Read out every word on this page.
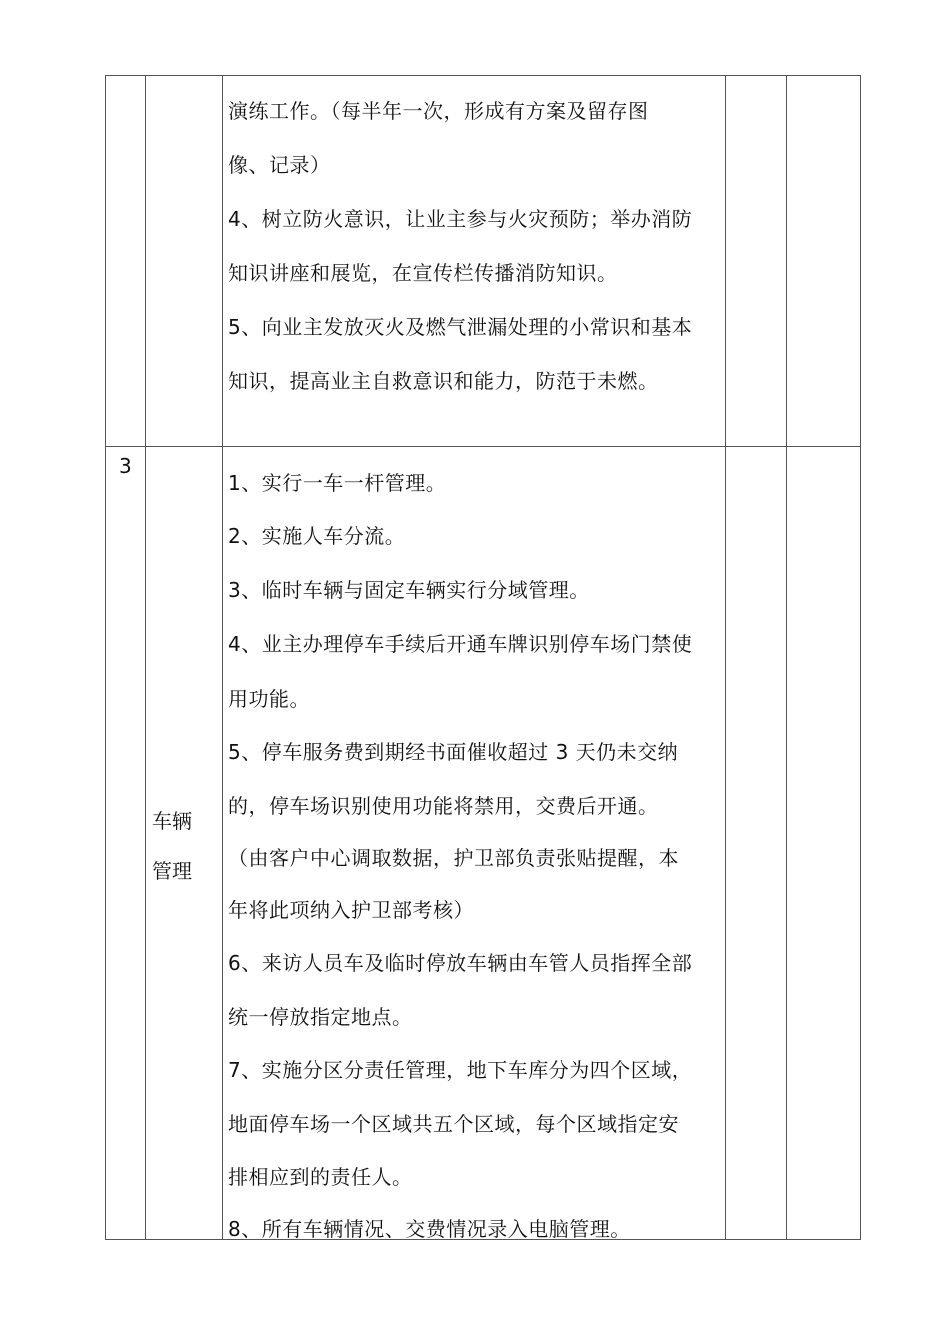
演练工作。（每半年一次，形成有方案及留存图
像、记录）
4、树立防火意识，让业主参与火灾预防；举办消防
知识讲座和展览，在宣传栏传播消防知识。
5、向业主发放灭火及燃气泄漏处理的小常识和基本
知识，提高业主自救意识和能力，防范于未燃。
3
车辆
管理
1、实行一车一杆管理。
2、实施人车分流。
3、临时车辆与固定车辆实行分域管理。
4、业主办理停车手续后开通车牌识别停车场门禁使
用功能。
5、停车服务费到期经书面催收超过 3 天仍未交纳
的，停车场识别使用功能将禁用，交费后开通。
（由客户中心调取数据，护卫部负责张贴提醒，本
年将此项纳入护卫部考核）
6、来访人员车及临时停放车辆由车管人员指挥全部
统一停放指定地点。
7、实施分区分责任管理，地下车库分为四个区域，
地面停车场一个区域共五个区域，每个区域指定安
排相应到的责任人。
8、所有车辆情况、交费情况录入电脑管理。
